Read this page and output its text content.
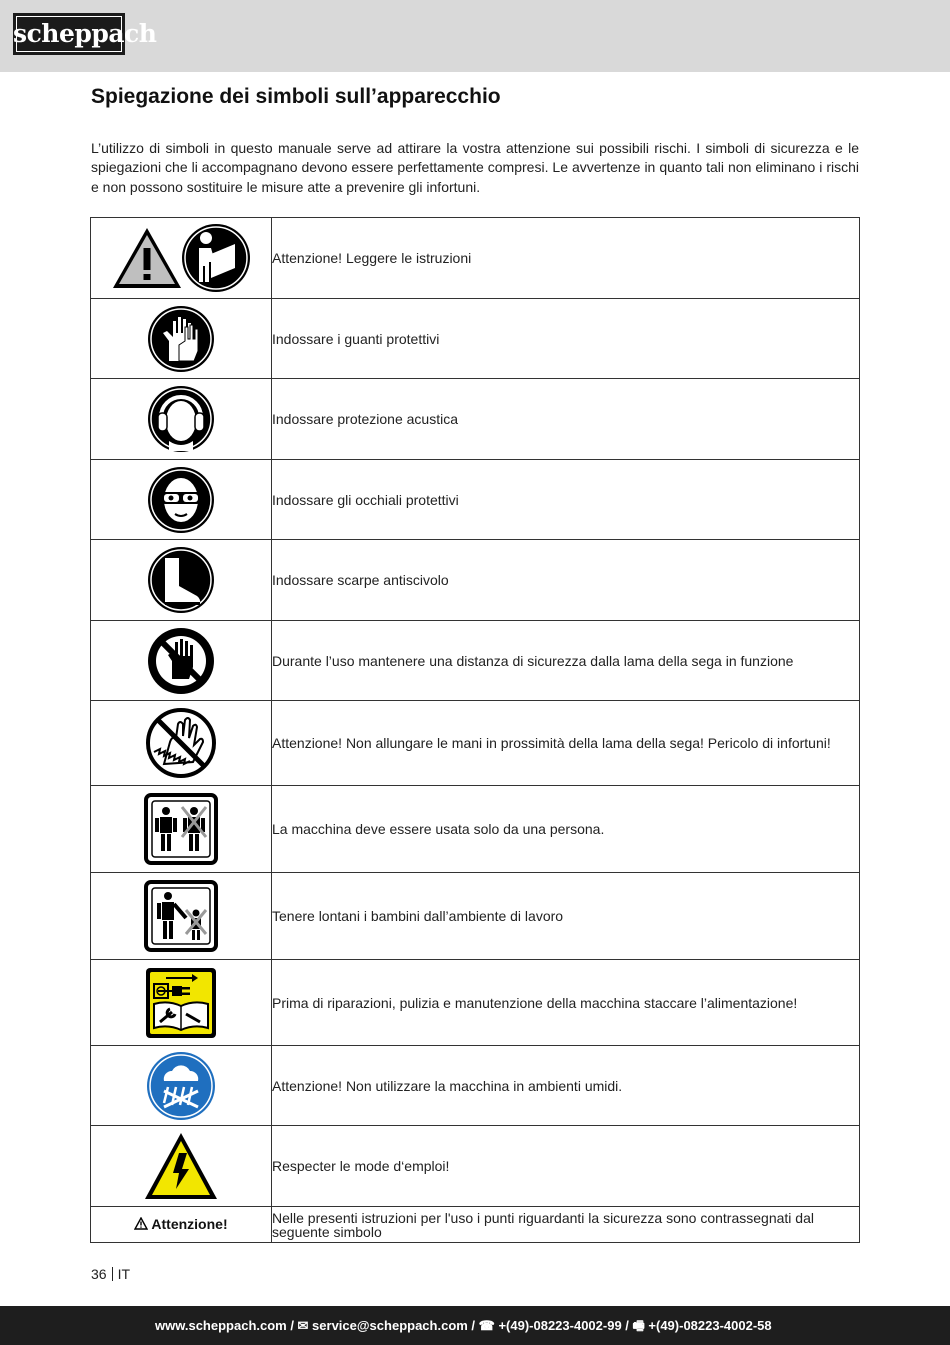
scheppach
Spiegazione dei simboli sull’apparecchio

L’utilizzo di simboli in questo manuale serve ad attirare la vostra attenzione sui possibili rischi. I simboli di sicurezza e le spiegazioni che li accompagnano devono essere perfettamente compresi. Le avvertenze in quanto tali non eliminano i rischi e non possono sostituire le misure atte a prevenire gli infortuni.

	Attenzione! Leggere le istruzioni

	Indossare i guanti protettivi

	Indossare protezione acustica

	Indossare gli occhiali protettivi

	Indossare scarpe antiscivolo

	Durante l’uso mantenere una distanza di sicurezza dalla lama della sega in funzione

	Attenzione! Non allungare le mani in prossimità della lama della sega! Pericolo di infortuni!

	La macchina deve essere usata solo da una persona.

	Tenere lontani i bambini dall’ambiente di lavoro

	Prima di riparazioni, pulizia e manutenzione della macchina staccare l’alimentazione!

	Attenzione! Non utilizzare la macchina in ambienti umidi.

	Respecter le mode d‘emploi!
Attenzione!	Nelle presenti istruzioni per l'uso i punti riguardanti la sicurezza sono contrassegnati dal seguente simbolo
36 IT
www.scheppach.com / ✉ service@scheppach.com / ☎ +(49)-08223-4002-99 / 🖷 +(49)-08223-4002-58
